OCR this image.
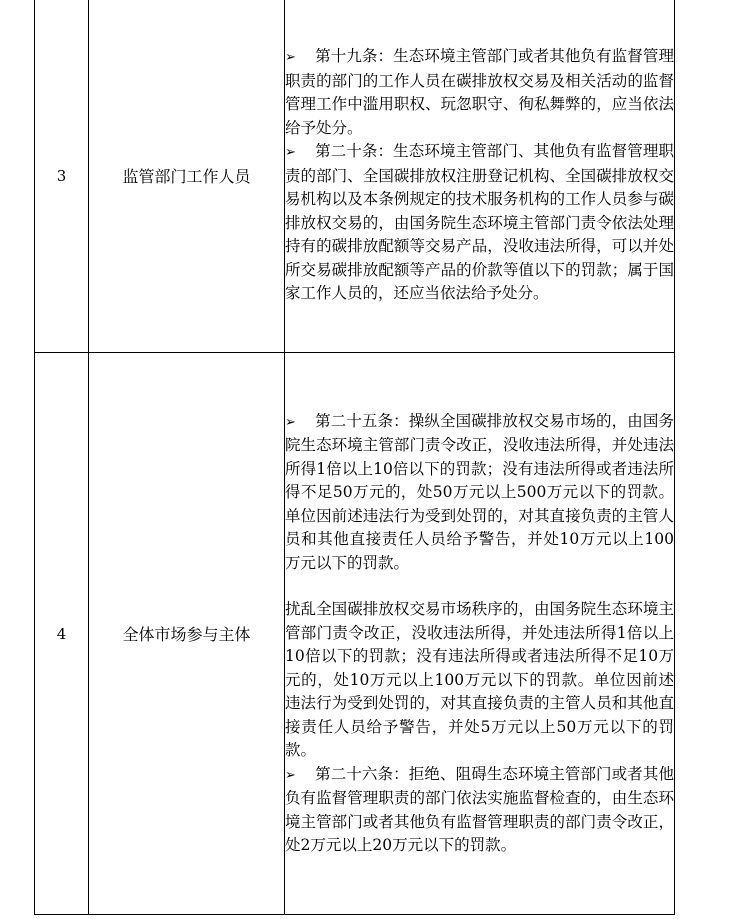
3	监管部门工作人员	➢ 第十九条：生态环境主管部门或者其他负有监督管理职责的部门的工作人员在碳排放权交易及相关活动的监督管理工作中滥用职权、玩忽职守、徇私舞弊的，应当依法给予处分。

➢ 第二十条：生态环境主管部门、其他负有监督管理职责的部门、全国碳排放权注册登记机构、全国碳排放权交易机构以及本条例规定的技术服务机构的工作人员参与碳排放权交易的，由国务院生态环境主管部门责令依法处理持有的碳排放配额等交易产品，没收违法所得，可以并处所交易碳排放配额等产品的价款等值以下的罚款；属于国家工作人员的，还应当依法给予处分。

4	全体市场参与主体	➢ 第二十五条：操纵全国碳排放权交易市场的，由国务院生态环境主管部门责令改正，没收违法所得，并处违法所得1倍以上10倍以下的罚款；没有违法所得或者违法所得不足50万元的，处50万元以上500万元以下的罚款。单位因前述违法行为受到处罚的，对其直接负责的主管人员和其他直接责任人员给予警告，并处10万元以上100万元以下的罚款。

扰乱全国碳排放权交易市场秩序的，由国务院生态环境主管部门责令改正，没收违法所得，并处违法所得1倍以上10倍以下的罚款；没有违法所得或者违法所得不足10万元的，处10万元以上100万元以下的罚款。单位因前述违法行为受到处罚的，对其直接负责的主管人员和其他直接责任人员给予警告，并处5万元以上50万元以下的罚款。

➢ 第二十六条：拒绝、阻碍生态环境主管部门或者其他负有监督管理职责的部门依法实施监督检查的，由生态环境主管部门或者其他负有监督管理职责的部门责令改正，处2万元以上20万元以下的罚款。
